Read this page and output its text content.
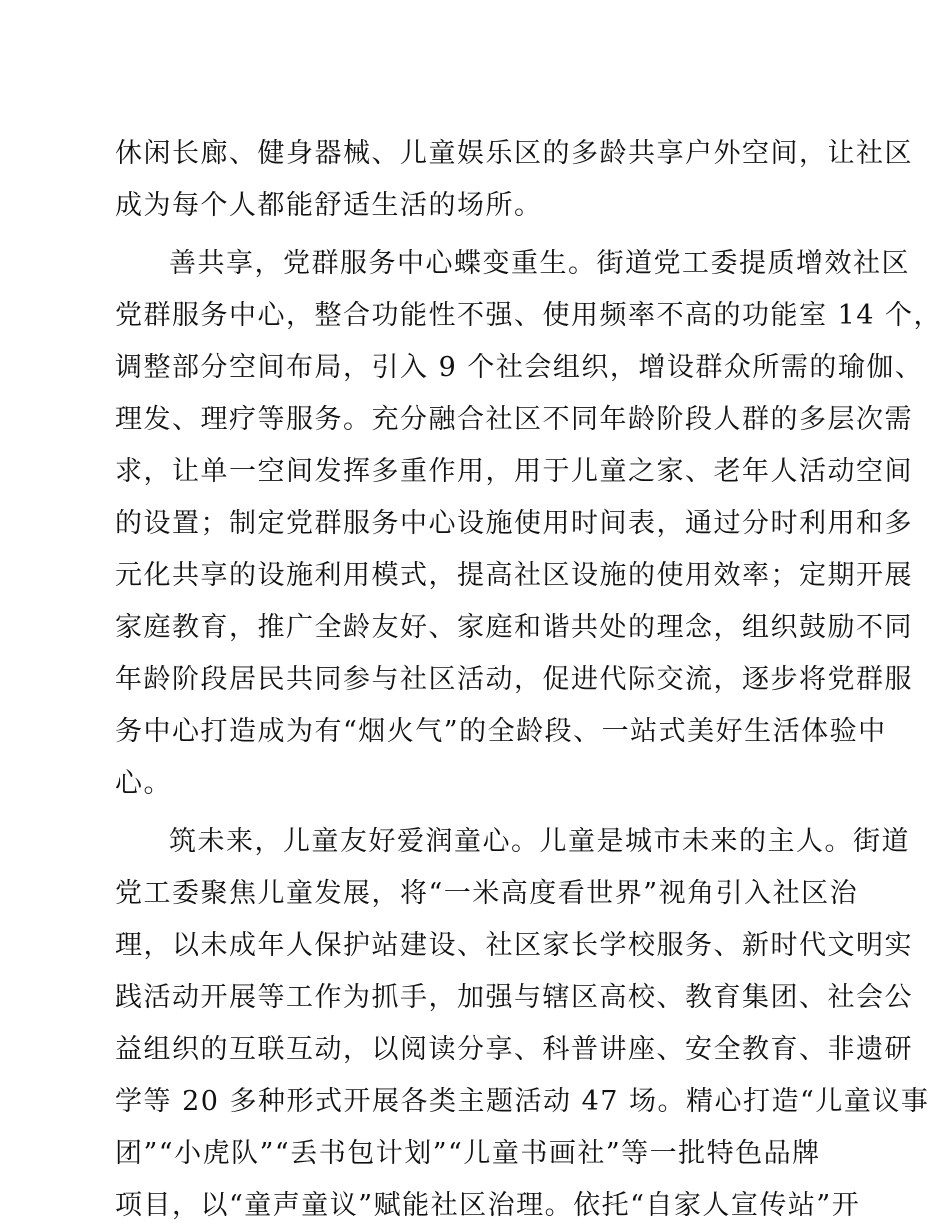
休闲长廊、健身器械、儿童娱乐区的多龄共享户外空间，让社区
成为每个人都能舒适生活的场所。
善共享，党群服务中心蝶变重生。街道党工委提质增效社区
党群服务中心，整合功能性不强、使用频率不高的功能室 14 个，
调整部分空间布局，引入 9 个社会组织，增设群众所需的瑜伽、
理发、理疗等服务。充分融合社区不同年龄阶段人群的多层次需
求，让单一空间发挥多重作用，用于儿童之家、老年人活动空间
的设置；制定党群服务中心设施使用时间表，通过分时利用和多
元化共享的设施利用模式，提高社区设施的使用效率；定期开展
家庭教育，推广全龄友好、家庭和谐共处的理念，组织鼓励不同
年龄阶段居民共同参与社区活动，促进代际交流，逐步将党群服
务中心打造成为有“烟火气”的全龄段、一站式美好生活体验中
心。
筑未来，儿童友好爱润童心。儿童是城市未来的主人。街道
党工委聚焦儿童发展，将“一米高度看世界”视角引入社区治
理，以未成年人保护站建设、社区家长学校服务、新时代文明实
践活动开展等工作为抓手，加强与辖区高校、教育集团、社会公
益组织的互联互动，以阅读分享、科普讲座、安全教育、非遗研
学等 20 多种形式开展各类主题活动 47 场。精心打造“儿童议事
团”“小虎队”“丢书包计划”“儿童书画社”等一批特色品牌
项目，以“童声童议”赋能社区治理。依托“自家人宣传站”开
